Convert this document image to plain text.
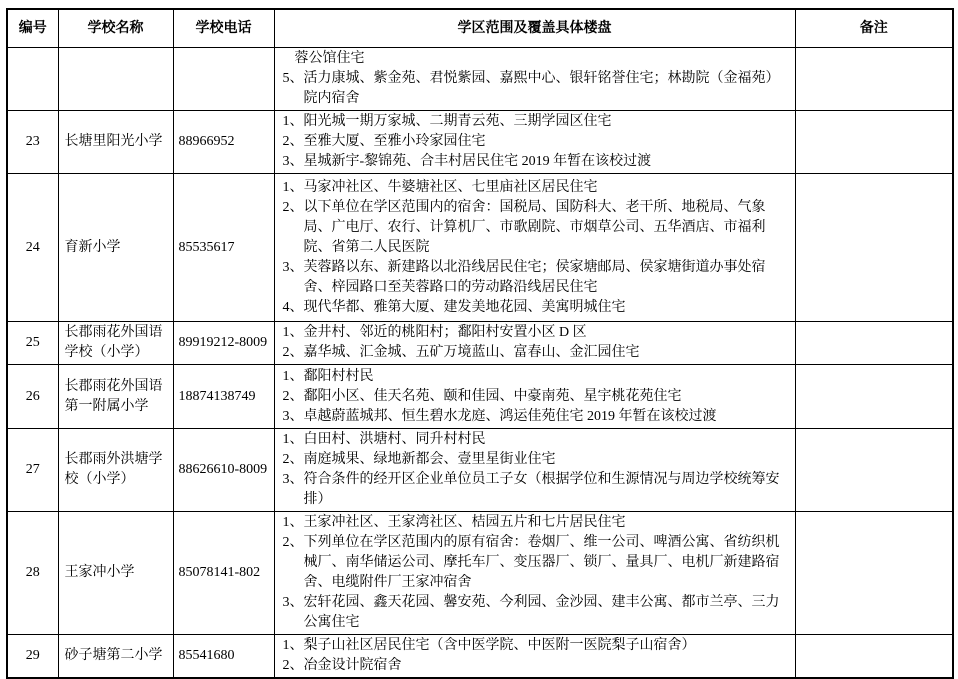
编号	学校名称	学校电话	学区范围及覆盖具体楼盘	备注

			蓉公馆住宅
5、活力康城、紫金苑、君悦紫园、嘉熙中心、银轩铭誉住宅；林勘院（金福苑）院内宿舍	

23	长塘里阳光小学	88966952	1、阳光城一期万家城、二期青云苑、三期学园区住宅
2、至雅大厦、至雅小玲家园住宅
3、星城新宇-黎锦苑、合丰村居民住宅 2019 年暂在该校过渡	

24	育新小学	85535617	1、马家冲社区、牛婆塘社区、七里庙社区居民住宅
2、以下单位在学区范围内的宿舍：国税局、国防科大、老干所、地税局、气象局、广电厅、农行、计算机厂、市歌剧院、市烟草公司、五华酒店、市福利院、省第二人民医院
3、芙蓉路以东、新建路以北沿线居民住宅；侯家塘邮局、侯家塘街道办事处宿舍、梓园路口至芙蓉路口的劳动路沿线居民住宅
4、现代华都、雅第大厦、建发美地花园、美寓明城住宅	

25	长郡雨花外国语学校（小学）	89919212-8009	1、金井村、邻近的桃阳村；鄱阳村安置小区 D 区
2、嘉华城、汇金城、五矿万境蓝山、富春山、金汇园住宅	

26	长郡雨花外国语第一附属小学	18874138749	1、鄱阳村村民
2、鄱阳小区、佳天名苑、颐和佳园、中豪南苑、星宇桃花苑住宅
3、卓越蔚蓝城邦、恒生碧水龙庭、鸿运佳苑住宅 2019 年暂在该校过渡	

27	长郡雨外洪塘学校（小学）	88626610-8009	1、白田村、洪塘村、同升村村民
2、南庭城果、绿地新都会、壹里星街业住宅
3、符合条件的经开区企业单位员工子女（根据学位和生源情况与周边学校统筹安排）	

28	王家冲小学	85078141-802	1、王家冲社区、王家湾社区、桔园五片和七片居民住宅
2、下列单位在学区范围内的原有宿舍：卷烟厂、维一公司、啤酒公寓、省纺织机械厂、南华储运公司、摩托车厂、变压器厂、锁厂、量具厂、电机厂新建路宿舍、电缆附件厂王家冲宿舍
3、宏轩花园、鑫天花园、馨安苑、今利园、金沙园、建丰公寓、都市兰亭、三力公寓住宅	

29	砂子塘第二小学	85541680	1、梨子山社区居民住宅（含中医学院、中医附一医院梨子山宿舍）
2、冶金设计院宿舍	
